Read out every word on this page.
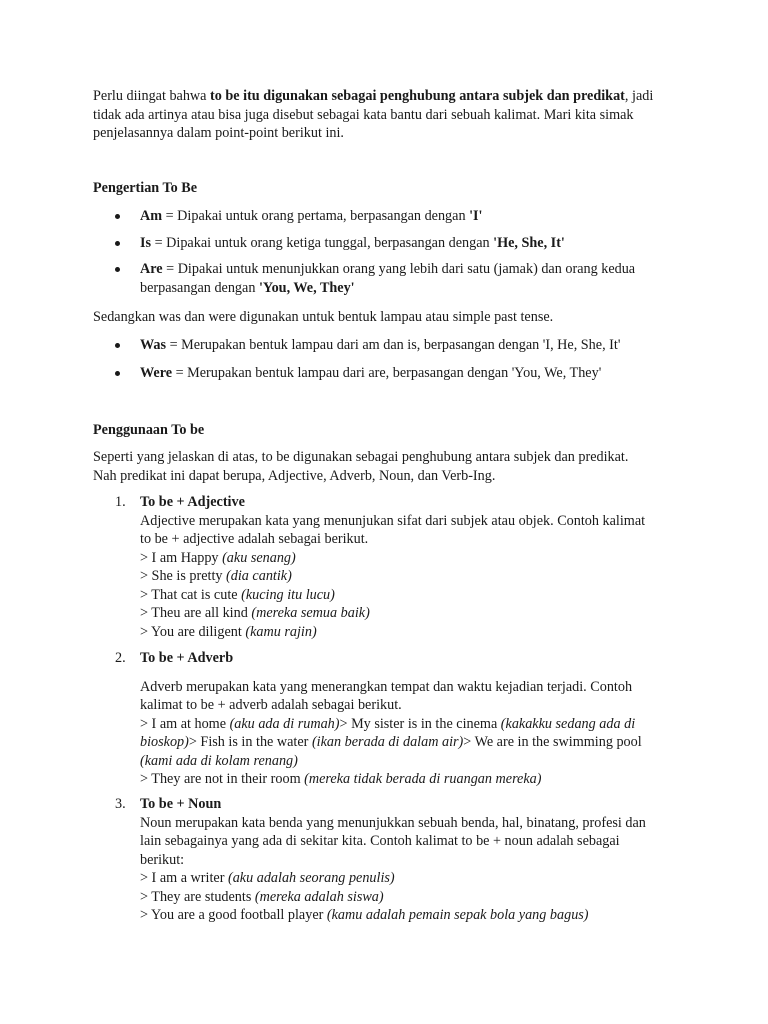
Perlu diingat bahwa to be itu digunakan sebagai penghubung antara subjek dan predikat, jadi tidak ada artinya atau bisa juga disebut sebagai kata bantu dari sebuah kalimat. Mari kita simak penjelasannya dalam point-point berikut ini.

Pengertian To Be

Am = Dipakai untuk orang pertama, berpasangan dengan 'I'
Is = Dipakai untuk orang ketiga tunggal, berpasangan dengan 'He, She, It'
Are = Dipakai untuk menunjukkan orang yang lebih dari satu (jamak) dan orang kedua berpasangan dengan 'You, We, They'

Sedangkan was dan were digunakan untuk bentuk lampau atau simple past tense.

Was = Merupakan bentuk lampau dari am dan is, berpasangan dengan 'I, He, She, It'
Were = Merupakan bentuk lampau dari are, berpasangan dengan 'You, We, They'

Penggunaan To be

Seperti yang jelaskan di atas, to be digunakan sebagai penghubung antara subjek dan predikat. Nah predikat ini dapat berupa, Adjective, Adverb, Noun, dan Verb-Ing.

1. To be + Adjective
Adjective merupakan kata yang menunjukan sifat dari subjek atau objek. Contoh kalimat to be + adjective adalah sebagai berikut.
> I am Happy (aku senang)
> She is pretty (dia cantik)
> That cat is cute (kucing itu lucu)
> Theu are all kind (mereka semua baik)
> You are diligent (kamu rajin)
2. To be + Adverb
Adverb merupakan kata yang menerangkan tempat dan waktu kejadian terjadi. Contoh kalimat to be + adverb adalah sebagai berikut.
> I am at home (aku ada di rumah)> My sister is in the cinema (kakakku sedang ada di bioskop)> Fish is in the water (ikan berada di dalam air)> We are in the swimming pool (kami ada di kolam renang)
> They are not in their room (mereka tidak berada di ruangan mereka)
3. To be + Noun
Noun merupakan kata benda yang menunjukkan sebuah benda, hal, binatang, profesi dan lain sebagainya yang ada di sekitar kita. Contoh kalimat to be + noun adalah sebagai berikut:
> I am a writer (aku adalah seorang penulis)
> They are students (mereka adalah siswa)
> You are a good football player (kamu adalah pemain sepak bola yang bagus)
